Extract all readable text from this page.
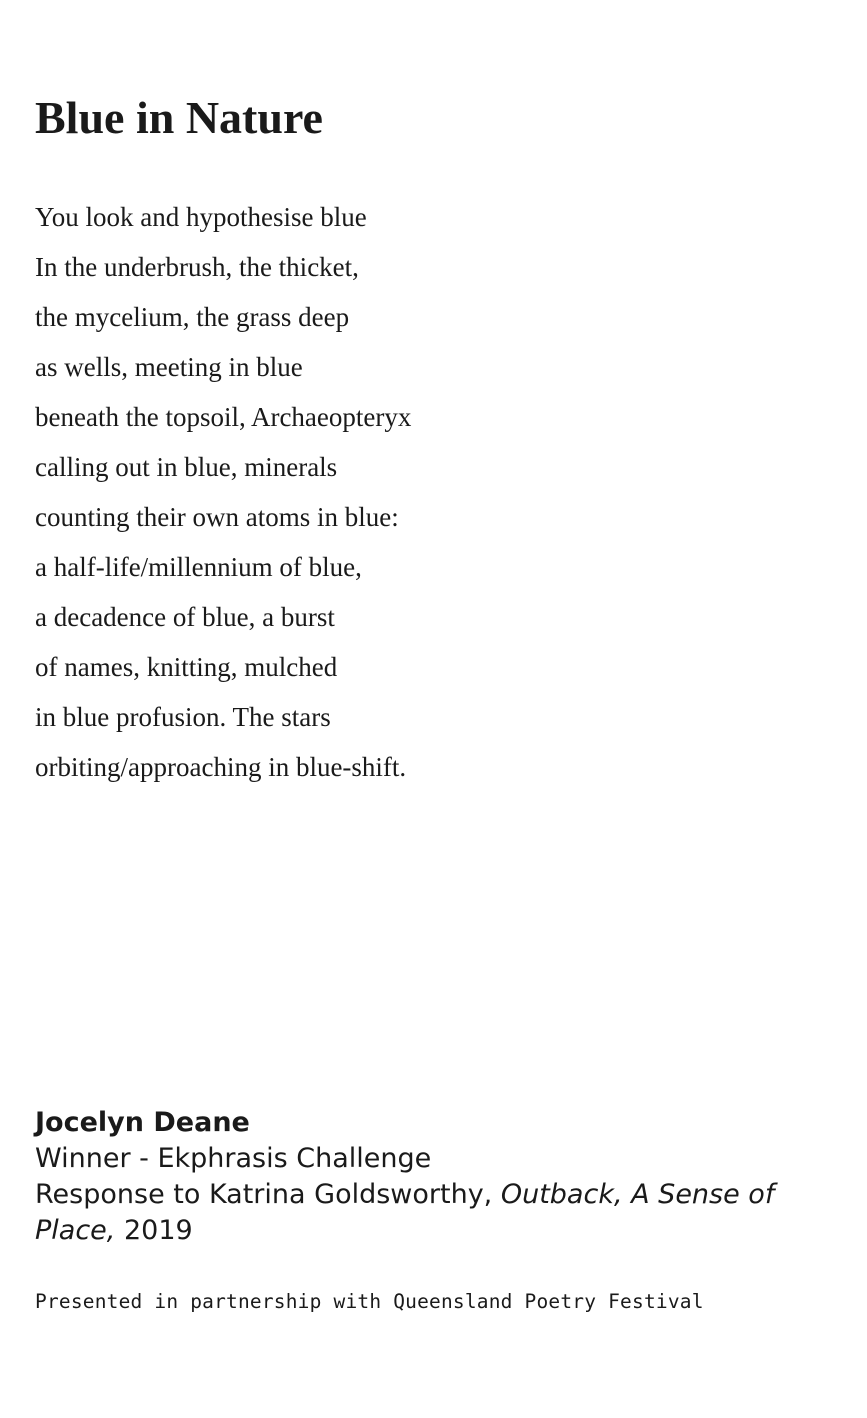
Blue in Nature
You look and hypothesise blue
In the underbrush, the thicket,
the mycelium, the grass deep
as wells, meeting in blue
beneath the topsoil, Archaeopteryx
calling out in blue, minerals
counting their own atoms in blue:
a half-life/millennium of blue,
a decadence of blue, a burst
of names, knitting, mulched
in blue profusion. The stars
orbiting/approaching in blue-shift.
Jocelyn Deane
Winner - Ekphrasis Challenge
Response to Katrina Goldsworthy, Outback, A Sense of Place, 2019
Presented in partnership with Queensland Poetry Festival
